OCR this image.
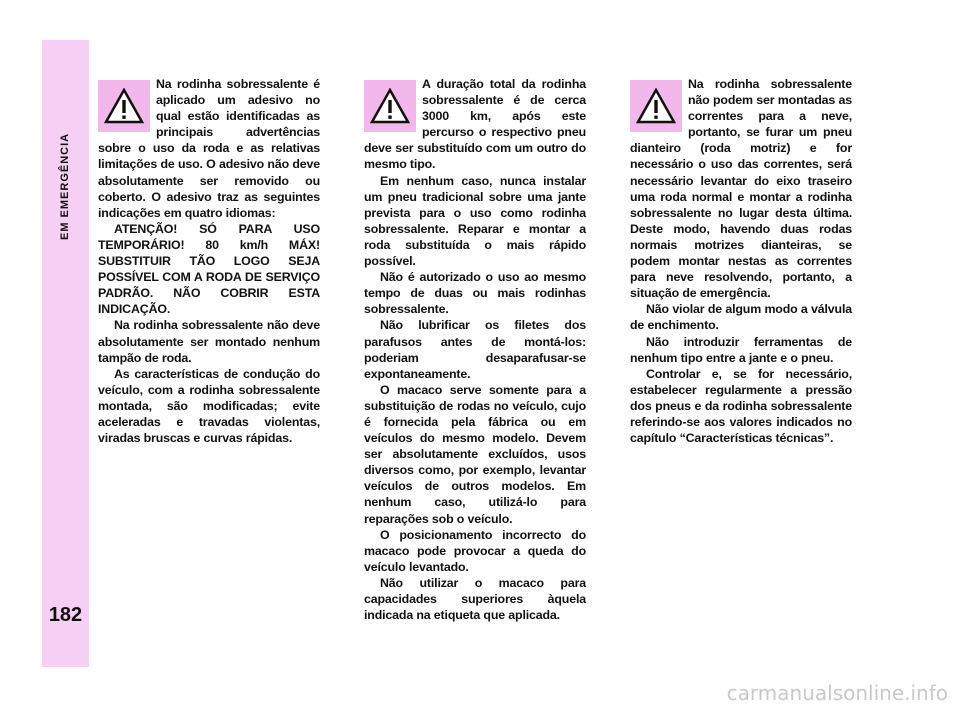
EM EMERGÊNCIA
182

Na rodinha sobressalente é aplicado um adesivo no qual estão identificadas as principais advertências sobre o uso da roda e as relativas limitações de uso. O adesivo não deve absolutamente ser removido ou coberto. O adesivo traz as seguintes indicações em quatro idiomas:

ATENÇÃO! SÓ PARA USO TEMPORÁRIO! 80 km/h MÁX! SUBSTITUIR TÃO LOGO SEJA POSSÍVEL COM A RODA DE SERVIÇO PADRÃO. NÃO COBRIR ESTA INDICAÇÃO.

Na rodinha sobressalente não deve absolutamente ser montado nenhum tampão de roda.

As características de condução do veículo, com a rodinha sobressalente montada, são modificadas; evite aceleradas e travadas violentas, viradas bruscas e curvas rápidas.

A duração total da rodinha sobressalente é de cerca 3000 km, após este percurso o respectivo pneu deve ser substituído com um outro do mesmo tipo.

Em nenhum caso, nunca instalar um pneu tradicional sobre uma jante prevista para o uso como rodinha sobressalente. Reparar e montar a roda substituída o mais rápido possível.

Não é autorizado o uso ao mesmo tempo de duas ou mais rodinhas sobressalente.

Não lubrificar os filetes dos parafusos antes de montá-los: poderiam desaparafusar-se expontaneamente.

O macaco serve somente para a substituição de rodas no veículo, cujo é fornecida pela fábrica ou em veículos do mesmo modelo. Devem ser absolutamente excluídos, usos diversos como, por exemplo, levantar veículos de outros modelos. Em nenhum caso, utilizá-lo para reparações sob o veículo.

O posicionamento incorrecto do macaco pode provocar a queda do veículo levantado.

Não utilizar o macaco para capacidades superiores àquela indicada na etiqueta que aplicada.

Na rodinha sobressalente não podem ser montadas as correntes para a neve, portanto, se furar um pneu dianteiro (roda motriz) e for necessário o uso das correntes, será necessário levantar do eixo traseiro uma roda normal e montar a rodinha sobressalente no lugar desta última. Deste modo, havendo duas rodas normais motrizes dianteiras, se podem montar nestas as correntes para neve resolvendo, portanto, a situação de emergência.

Não violar de algum modo a válvula de enchimento.

Não introduzir ferramentas de nenhum tipo entre a jante e o pneu.

Controlar e, se for necessário, estabelecer regularmente a pressão dos pneus e da rodinha sobressalente referindo-se aos valores indicados no capítulo “Características técnicas”.

carmanualsonline.info
